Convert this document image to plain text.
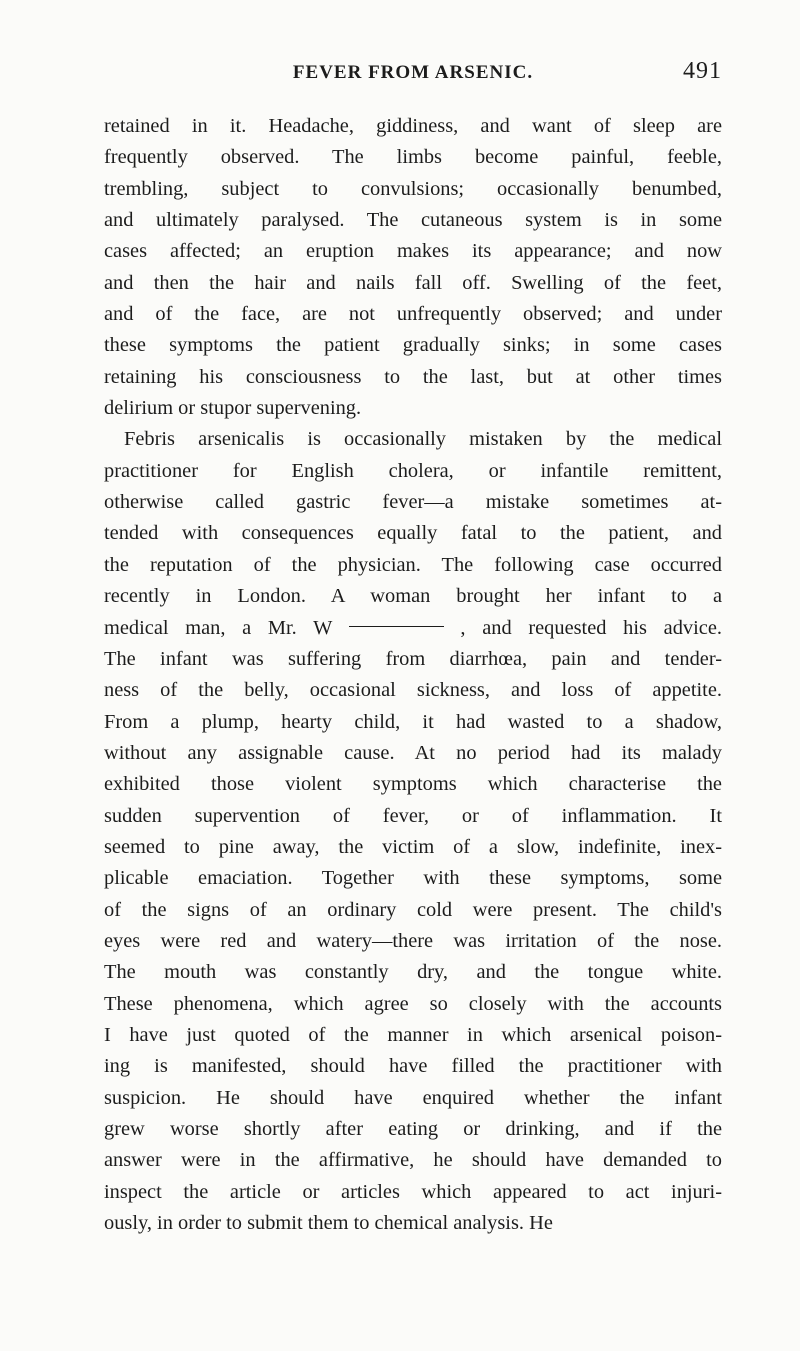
FEVER FROM ARSENIC.	491
retained in it. Headache, giddiness, and want of sleep are
frequently observed. The limbs become painful, feeble,
trembling, subject to convulsions; occasionally benumbed,
and ultimately paralysed. The cutaneous system is in some
cases affected; an eruption makes its appearance; and now
and then the hair and nails fall off. Swelling of the feet,
and of the face, are not unfrequently observed; and under
these symptoms the patient gradually sinks; in some cases
retaining his consciousness to the last, but at other times
delirium or stupor supervening.
Febris arsenicalis is occasionally mistaken by the medical
practitioner for English cholera, or infantile remittent,
otherwise called gastric fever—a mistake sometimes at-
tended with consequences equally fatal to the patient, and
the reputation of the physician. The following case occurred
recently in London. A woman brought her infant to a
medical man, a Mr. W	, and requested his advice.
The infant was suffering from diarrhœa, pain and tender-
ness of the belly, occasional sickness, and loss of appetite.
From a plump, hearty child, it had wasted to a shadow,
without any assignable cause. At no period had its malady
exhibited those violent symptoms which characterise the
sudden supervention of fever, or of inflammation. It
seemed to pine away, the victim of a slow, indefinite, inex-
plicable emaciation. Together with these symptoms, some
of the signs of an ordinary cold were present. The child's
eyes were red and watery—there was irritation of the nose.
The mouth was constantly dry, and the tongue white.
These phenomena, which agree so closely with the accounts
I have just quoted of the manner in which arsenical poison-
ing is manifested, should have filled the practitioner with
suspicion. He should have enquired whether the infant
grew worse shortly after eating or drinking, and if the
answer were in the affirmative, he should have demanded to
inspect the article or articles which appeared to act injuri-
ously, in order to submit them to chemical analysis. He
